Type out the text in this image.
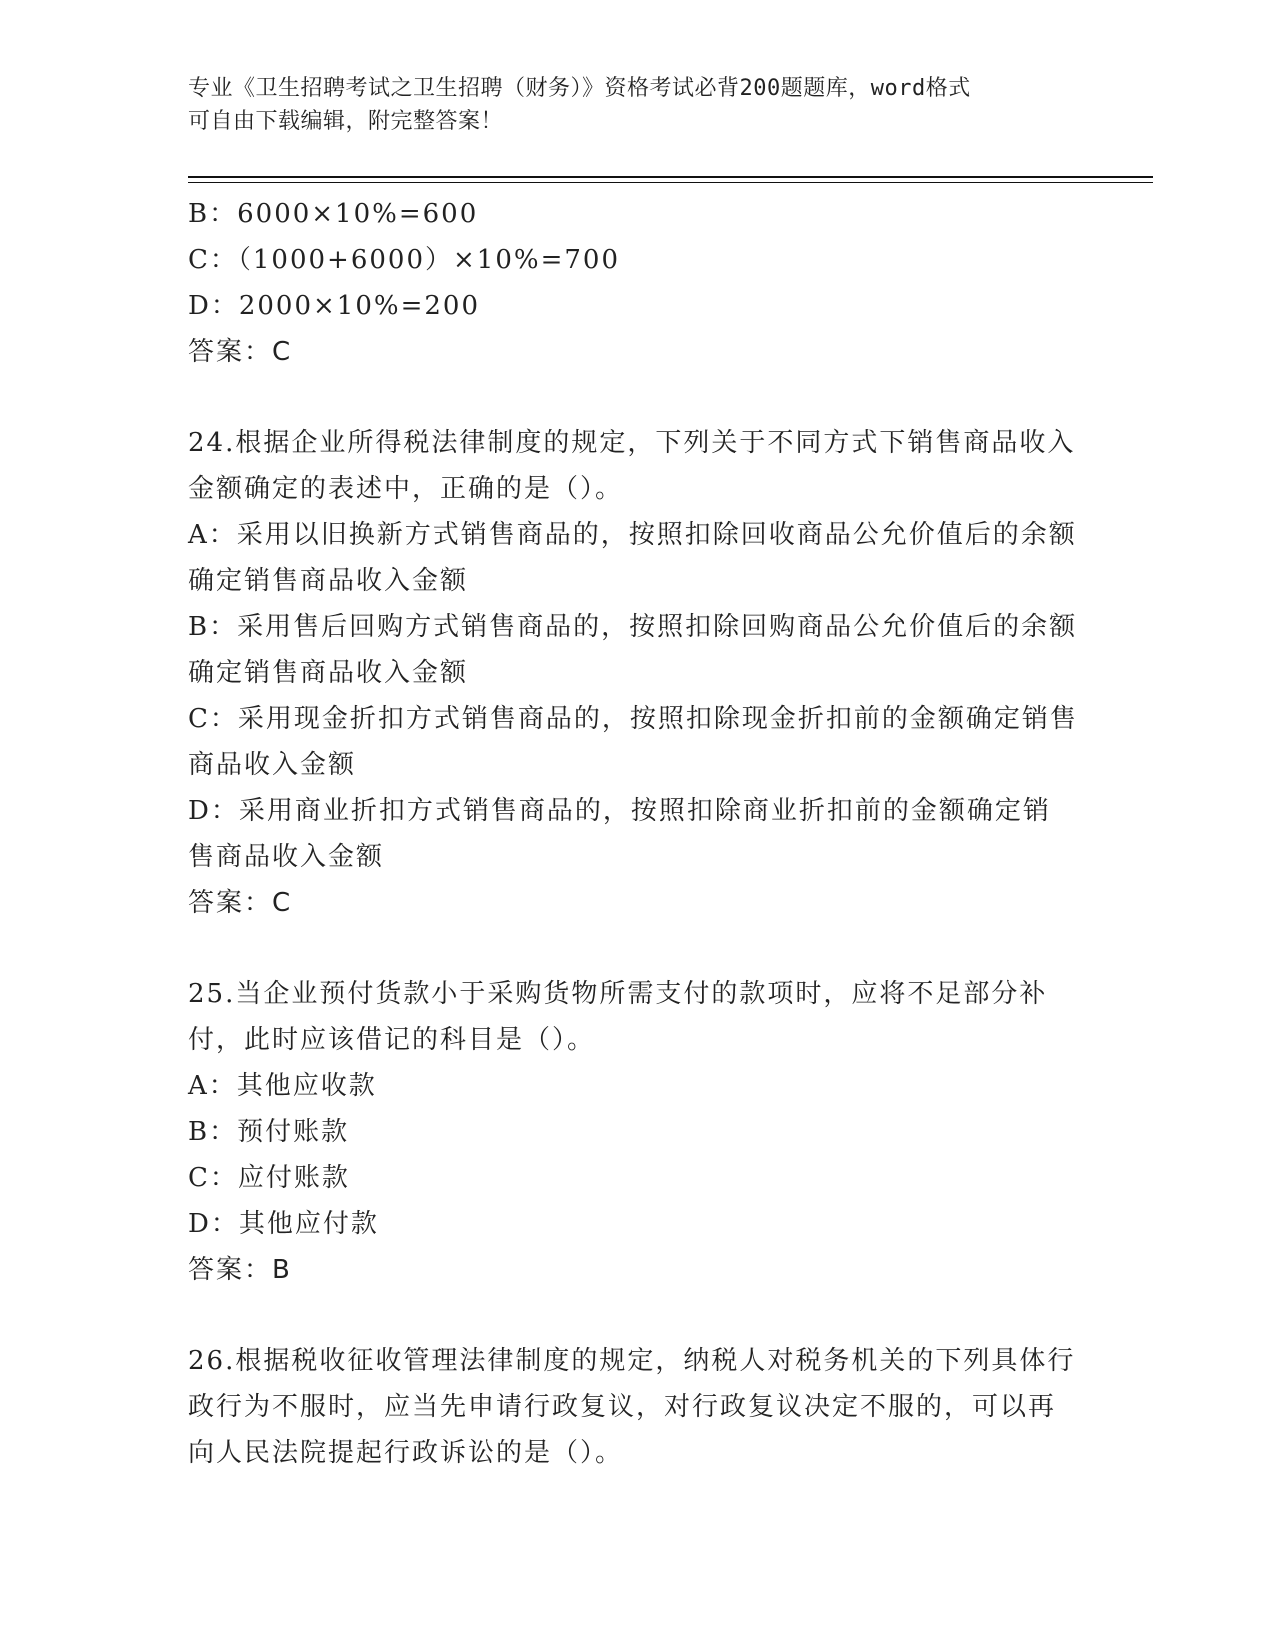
专业《卫生招聘考试之卫生招聘（财务）》资格考试必背200题题库，word格式
可自由下载编辑，附完整答案！
B：6000×10%=600
C：（1000+6000）×10%=700
D：2000×10%=200
答案：C
24.根据企业所得税法律制度的规定，下列关于不同方式下销售商品收入金额确定的表述中，正确的是（）。
A：采用以旧换新方式销售商品的，按照扣除回收商品公允价值后的余额确定销售商品收入金额
B：采用售后回购方式销售商品的，按照扣除回购商品公允价值后的余额确定销售商品收入金额
C：采用现金折扣方式销售商品的，按照扣除现金折扣前的金额确定销售商品收入金额
D：采用商业折扣方式销售商品的，按照扣除商业折扣前的金额确定销售商品收入金额
答案：C
25.当企业预付货款小于采购货物所需支付的款项时，应将不足部分补付，此时应该借记的科目是（）。
A：其他应收款
B：预付账款
C：应付账款
D：其他应付款
答案：B
26.根据税收征收管理法律制度的规定，纳税人对税务机关的下列具体行政行为不服时，应当先申请行政复议，对行政复议决定不服的，可以再向人民法院提起行政诉讼的是（）。
